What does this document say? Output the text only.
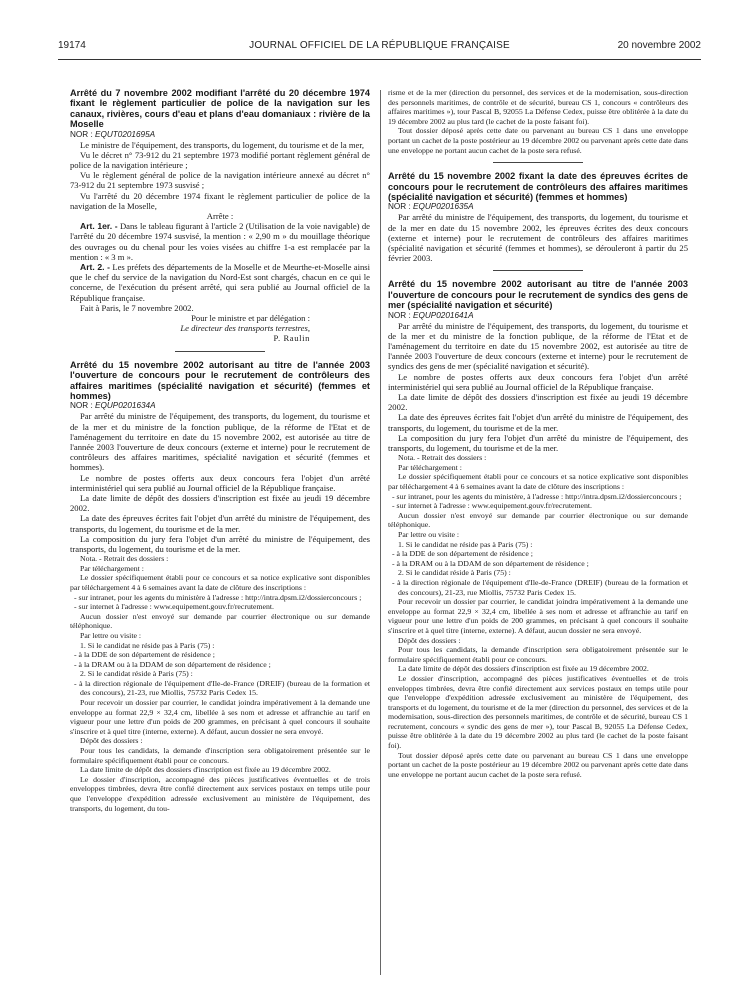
19174	JOURNAL OFFICIEL DE LA RÉPUBLIQUE FRANÇAISE	20 novembre 2002

Arrêté du 7 novembre 2002 modifiant l'arrêté du 20 décembre 1974 fixant le règlement particulier de police de la navigation sur les canaux, rivières, cours d'eau et plans d'eau domaniaux : rivière de la Moselle

NOR : EQUT0201695A

Le ministre de l'équipement, des transports, du logement, du tourisme et de la mer,

Vu le décret n° 73-912 du 21 septembre 1973 modifié portant règlement général de police de la navigation intérieure ;

Vu le règlement général de police de la navigation intérieure annexé au décret n° 73-912 du 21 septembre 1973 susvisé ;

Vu l'arrêté du 20 décembre 1974 fixant le règlement particulier de police de la navigation de la Moselle,

Arrête :

Art. 1er. - Dans le tableau figurant à l'article 2 (Utilisation de la voie navigable) de l'arrêté du 20 décembre 1974 susvisé, la mention : « 2,90 m » du mouillage théorique des ouvrages ou du chenal pour les voies visées au chiffre 1-a est remplacée par la mention : « 3 m ».

Art. 2. - Les préfets des départements de la Moselle et de Meurthe-et-Moselle ainsi que le chef du service de la navigation du Nord-Est sont chargés, chacun en ce qui le concerne, de l'exécution du présent arrêté, qui sera publié au Journal officiel de la République française.

Fait à Paris, le 7 novembre 2002.

Pour le ministre et par délégation :

Le directeur des transports terrestres,

P. Raulin

Arrêté du 15 novembre 2002 autorisant au titre de l'année 2003 l'ouverture de concours pour le recrutement de contrôleurs des affaires maritimes (spécialité navigation et sécurité) (femmes et hommes)

NOR : EQUP0201634A

Par arrêté du ministre de l'équipement, des transports, du logement, du tourisme et de la mer et du ministre de la fonction publique, de la réforme de l'Etat et de l'aménagement du territoire en date du 15 novembre 2002, est autorisée au titre de l'année 2003 l'ouverture de deux concours (externe et interne) pour le recrutement de contrôleurs des affaires maritimes, spécialité navigation et sécurité (femmes et hommes).

Le nombre de postes offerts aux deux concours fera l'objet d'un arrêté interministériel qui sera publié au Journal officiel de la République française.

La date limite de dépôt des dossiers d'inscription est fixée au jeudi 19 décembre 2002.

La date des épreuves écrites fait l'objet d'un arrêté du ministre de l'équipement, des transports, du logement, du tourisme et de la mer.

La composition du jury fera l'objet d'un arrêté du ministre de l'équipement, des transports, du logement, du tourisme et de la mer.

Nota. - Retrait des dossiers :

Par téléchargement :

Le dossier spécifiquement établi pour ce concours et sa notice explicative sont disponibles par téléchargement 4 à 6 semaines avant la date de clôture des inscriptions :

- sur intranet, pour les agents du ministère à l'adresse : http://intra.dpsm.i2/dossierconcours ;

- sur internet à l'adresse : www.equipement.gouv.fr/recrutement.

Aucun dossier n'est envoyé sur demande par courrier électronique ou sur demande téléphonique.

Par lettre ou visite :

1. Si le candidat ne réside pas à Paris (75) :

- à la DDE de son département de résidence ;

- à la DRAM ou à la DDAM de son département de résidence ;

2. Si le candidat réside à Paris (75) :

- à la direction régionale de l'équipement d'Ile-de-France (DREIF) (bureau de la formation et des concours), 21-23, rue Miollis, 75732 Paris Cedex 15.

Pour recevoir un dossier par courrier, le candidat joindra impérativement à la demande une enveloppe au format 22,9 × 32,4 cm, libellée à ses nom et adresse et affranchie au tarif en vigueur pour une lettre d'un poids de 200 grammes, en précisant à quel concours il souhaite s'inscrire et à quel titre (interne, externe). A défaut, aucun dossier ne sera envoyé.

Dépôt des dossiers :

Pour tous les candidats, la demande d'inscription sera obligatoirement présentée sur le formulaire spécifiquement établi pour ce concours.

La date limite de dépôt des dossiers d'inscription est fixée au 19 décembre 2002.

Le dossier d'inscription, accompagné des pièces justificatives éventuelles et de trois enveloppes timbrées, devra être confié directement aux services postaux en temps utile pour que l'enveloppe d'expédition adressée exclusivement au ministère de l'équipement, des transports, du logement, du tou-

risme et de la mer (direction du personnel, des services et de la modernisation, sous-direction des personnels maritimes, de contrôle et de sécurité, bureau CS 1, concours « contrôleurs des affaires maritimes »), tour Pascal B, 92055 La Défense Cedex, puisse être oblitérée à la date du 19 décembre 2002 au plus tard (le cachet de la poste faisant foi).

Tout dossier déposé après cette date ou parvenant au bureau CS 1 dans une enveloppe portant un cachet de la poste postérieur au 19 décembre 2002 ou parvenant après cette date dans une enveloppe ne portant aucun cachet de la poste sera refusé.

Arrêté du 15 novembre 2002 fixant la date des épreuves écrites de concours pour le recrutement de contrôleurs des affaires maritimes (spécialité navigation et sécurité) (femmes et hommes)

NOR : EQUP0201635A

Par arrêté du ministre de l'équipement, des transports, du logement, du tourisme et de la mer en date du 15 novembre 2002, les épreuves écrites des deux concours (externe et interne) pour le recrutement de contrôleurs des affaires maritimes (spécialité navigation et sécurité (femmes et hommes), se dérouleront à partir du 25 février 2003.

Arrêté du 15 novembre 2002 autorisant au titre de l'année 2003 l'ouverture de concours pour le recrutement de syndics des gens de mer (spécialité navigation et sécurité)

NOR : EQUP0201641A

Par arrêté du ministre de l'équipement, des transports, du logement, du tourisme et de la mer et du ministre de la fonction publique, de la réforme de l'Etat et de l'aménagement du territoire en date du 15 novembre 2002, est autorisée au titre de l'année 2003 l'ouverture de deux concours (externe et interne) pour le recrutement de syndics des gens de mer (spécialité navigation et sécurité).

Le nombre de postes offerts aux deux concours fera l'objet d'un arrêté interministériel qui sera publié au Journal officiel de la République française.

La date limite de dépôt des dossiers d'inscription est fixée au jeudi 19 décembre 2002.

La date des épreuves écrites fait l'objet d'un arrêté du ministre de l'équipement, des transports, du logement, du tourisme et de la mer.

La composition du jury fera l'objet d'un arrêté du ministre de l'équipement, des transports, du logement, du tourisme et de la mer.

Nota. - Retrait des dossiers :

Par téléchargement :

Le dossier spécifiquement établi pour ce concours et sa notice explicative sont disponibles par téléchargement 4 à 6 semaines avant la date de clôture des inscriptions :

- sur intranet, pour les agents du ministère, à l'adresse : http://intra.dpsm.i2/dossierconcours ;

- sur internet à l'adresse : www.equipement.gouv.fr/recrutement.

Aucun dossier n'est envoyé sur demande par courrier électronique ou sur demande téléphonique.

Par lettre ou visite :

1. Si le candidat ne réside pas à Paris (75) :

- à la DDE de son département de résidence ;

- à la DRAM ou à la DDAM de son département de résidence ;

2. Si le candidat réside à Paris (75) :

- à la direction régionale de l'équipement d'Ile-de-France (DREIF) (bureau de la formation et des concours), 21-23, rue Miollis, 75732 Paris Cedex 15.

Pour recevoir un dossier par courrier, le candidat joindra impérativement à la demande une enveloppe au format 22,9 × 32,4 cm, libellée à ses nom et adresse et affranchie au tarif en vigueur pour une lettre d'un poids de 200 grammes, en précisant à quel concours il souhaite s'inscrire et à quel titre (interne, externe). A défaut, aucun dossier ne sera envoyé.

Dépôt des dossiers :

Pour tous les candidats, la demande d'inscription sera obligatoirement présentée sur le formulaire spécifiquement établi pour ce concours.

La date limite de dépôt des dossiers d'inscription est fixée au 19 décembre 2002.

Le dossier d'inscription, accompagné des pièces justificatives éventuelles et de trois enveloppes timbrées, devra être confié directement aux services postaux en temps utile pour que l'enveloppe d'expédition adressée exclusivement au ministère de l'équipement, des transports et du logement, du tourisme et de la mer (direction du personnel, des services et de la modernisation, sous-direction des personnels maritimes, de contrôle et de sécurité, bureau CS 1 recrutement, concours « syndic des gens de mer »), tour Pascal B, 92055 La Défense Cedex, puisse être oblitérée à la date du 19 décembre 2002 au plus tard (le cachet de la poste faisant foi).

Tout dossier déposé après cette date ou parvenant au bureau CS 1 dans une enveloppe portant un cachet de la poste postérieur au 19 décembre 2002 ou parvenant après cette date dans une enveloppe ne portant aucun cachet de la poste sera refusé.
